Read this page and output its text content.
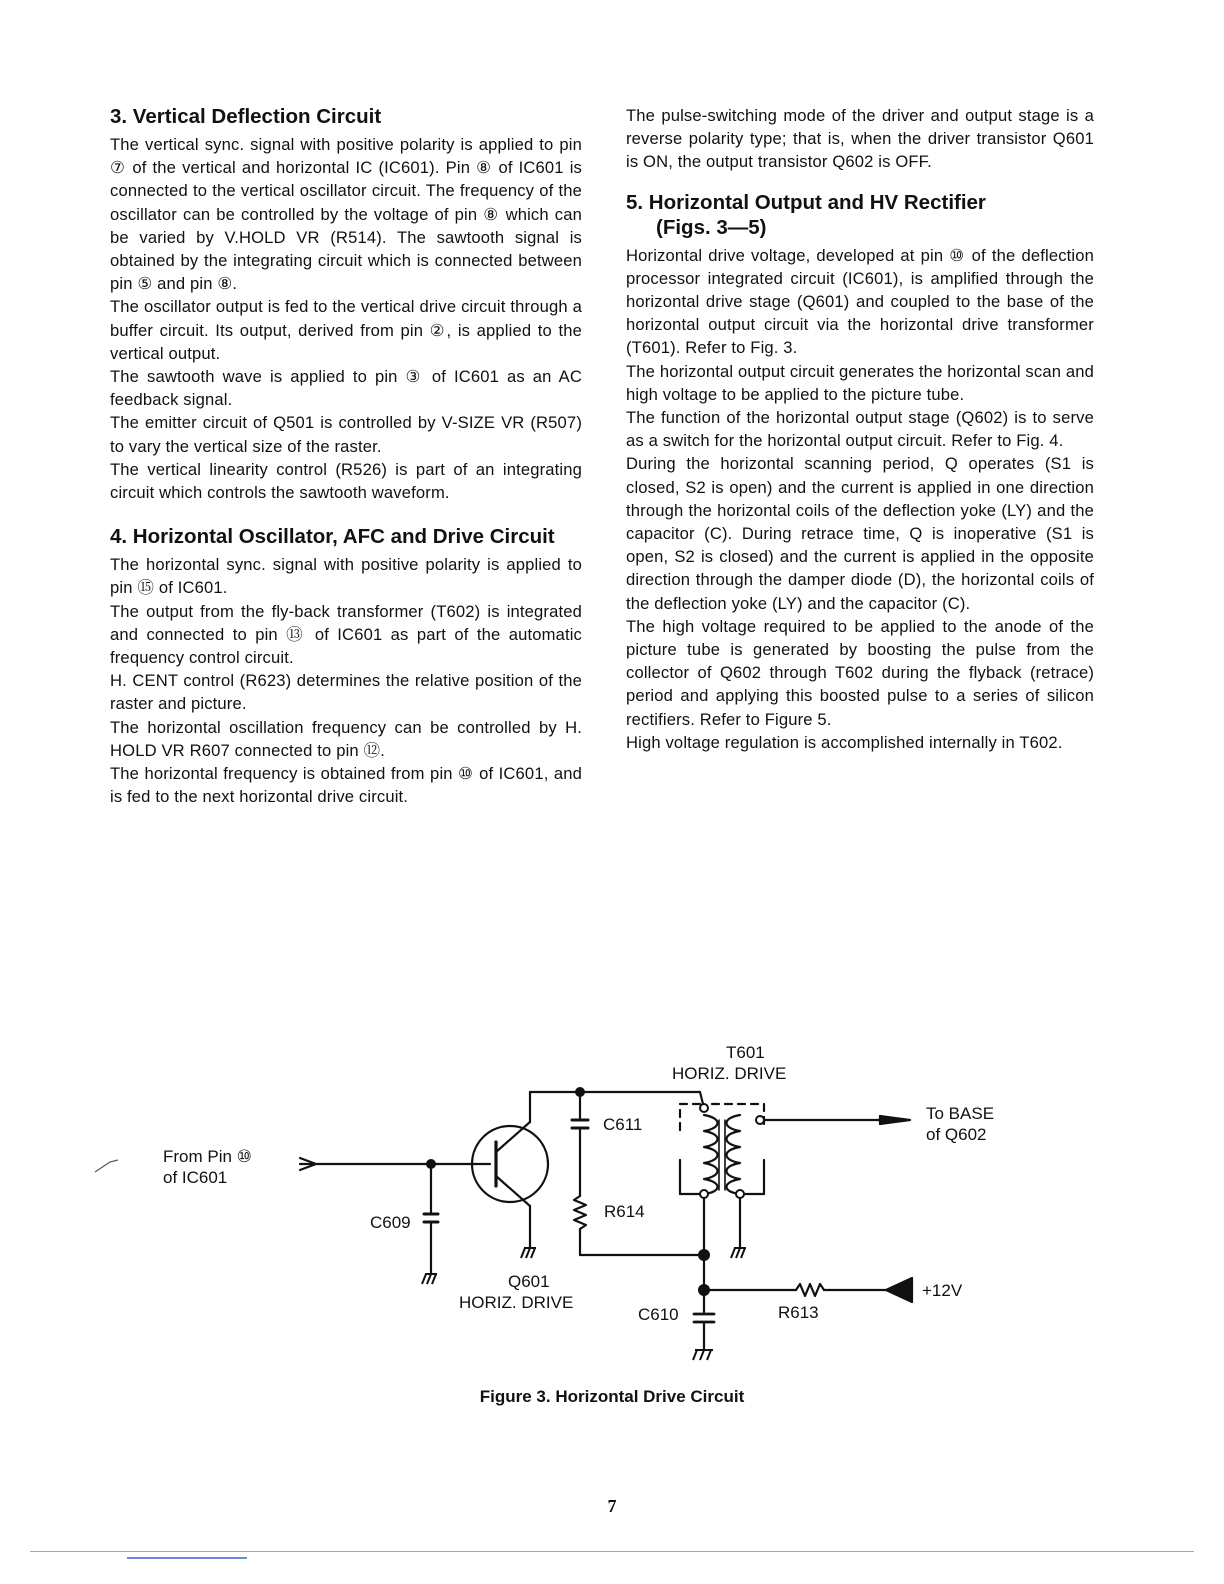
3. Vertical Deflection Circuit

The vertical sync. signal with positive polarity is applied to pin ⑦ of the vertical and horizontal IC (IC601). Pin ⑧ of IC601 is connected to the vertical oscillator circuit. The frequency of the oscillator can be controlled by the voltage of pin ⑧ which can be varied by V.HOLD VR (R514). The sawtooth signal is obtained by the integrating circuit which is connected between pin ⑤ and pin ⑧.

The oscillator output is fed to the vertical drive circuit through a buffer circuit. Its output, derived from pin ②, is applied to the vertical output.

The sawtooth wave is applied to pin ③ of IC601 as an AC feedback signal.

The emitter circuit of Q501 is controlled by V-SIZE VR (R507) to vary the vertical size of the raster.

The vertical linearity control (R526) is part of an integrating circuit which controls the sawtooth waveform.

4. Horizontal Oscillator, AFC and Drive Circuit

The horizontal sync. signal with positive polarity is applied to pin ⑮ of IC601.

The output from the fly-back transformer (T602) is integrated and connected to pin ⑬ of IC601 as part of the automatic frequency control circuit.

H. CENT control (R623) determines the relative position of the raster and picture.

The horizontal oscillation frequency can be controlled by H. HOLD VR R607 connected to pin ⑫.

The horizontal frequency is obtained from pin ⑩ of IC601, and is fed to the next horizontal drive circuit.

The pulse-switching mode of the driver and output stage is a reverse polarity type; that is, when the driver transistor Q601 is ON, the output transistor Q602 is OFF.

5. Horizontal Output and HV Rectifier
(Figs. 3—5)

Horizontal drive voltage, developed at pin ⑩ of the deflection processor integrated circuit (IC601), is amplified through the horizontal drive stage (Q601) and coupled to the base of the horizontal output circuit via the horizontal drive transformer (T601). Refer to Fig. 3.

The horizontal output circuit generates the horizontal scan and high voltage to be applied to the picture tube.

The function of the horizontal output stage (Q602) is to serve as a switch for the horizontal output circuit. Refer to Fig. 4.

During the horizontal scanning period, Q operates (S1 is closed, S2 is open) and the current is applied in one direction through the horizontal coils of the deflection yoke (LY) and the capacitor (C). During retrace time, Q is inoperative (S1 is open, S2 is closed) and the current is applied in the opposite direction through the damper diode (D), the horizontal coils of the deflection yoke (LY) and the capacitor (C).

The high voltage required to be applied to the anode of the picture tube is generated by boosting the pulse from the collector of Q602 through T602 during the flyback (retrace) period and applying this boosted pulse to a series of silicon rectifiers. Refer to Figure 5.

High voltage regulation is accomplished internally in T602.

From Pin ⑩
of IC601
C609
Q601
HORIZ. DRIVE
C611
R614
C610
T601
HORIZ. DRIVE
To BASE
of Q602
R613
+12V
Figure 3. Horizontal Drive Circuit
7
